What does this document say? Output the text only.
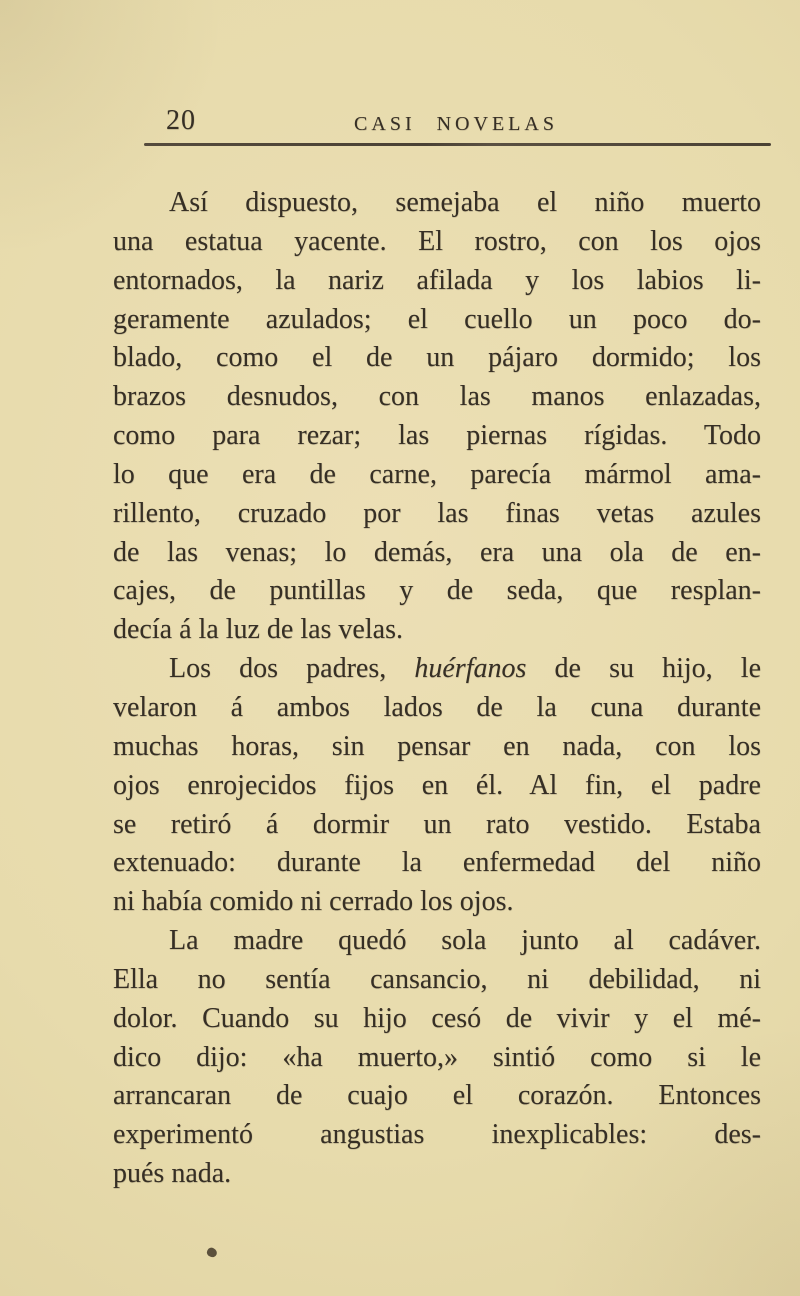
20	CASI NOVELAS

Así dispuesto, semejaba el niño muerto

una estatua yacente. El rostro, con los ojos

entornados, la nariz afilada y los labios li-

geramente azulados; el cuello un poco do-

blado, como el de un pájaro dormido; los

brazos desnudos, con las manos enlazadas,

como para rezar; las piernas rígidas. Todo

lo que era de carne, parecía mármol ama-

rillento, cruzado por las finas vetas azules

de las venas; lo demás, era una ola de en-

cajes, de puntillas y de seda, que resplan-

decía á la luz de las velas.

Los dos padres, huérfanos de su hijo, le

velaron á ambos lados de la cuna durante

muchas horas, sin pensar en nada, con los

ojos enrojecidos fijos en él. Al fin, el padre

se retiró á dormir un rato vestido. Estaba

extenuado: durante la enfermedad del niño

ni había comido ni cerrado los ojos.

La madre quedó sola junto al cadáver.

Ella no sentía cansancio, ni debilidad, ni

dolor. Cuando su hijo cesó de vivir y el mé-

dico dijo: «ha muerto,» sintió como si le

arrancaran de cuajo el corazón. Entonces

experimentó angustias inexplicables: des-

pués nada.
